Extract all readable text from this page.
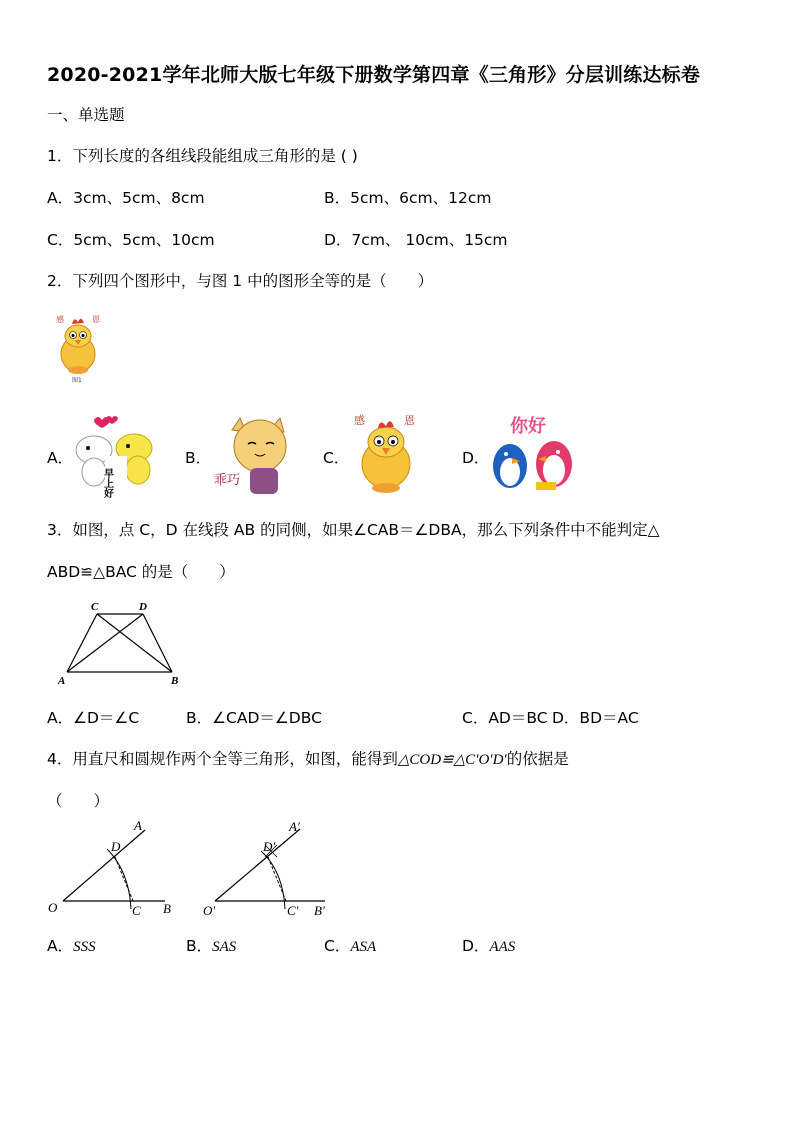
2020-2021学年北师大版七年级下册数学第四章《三角形》分层训练达标卷
一、单选题
1．下列长度的各组线段能组成三角形的是 ( )
A．3cm、5cm、8cm	B．5cm、6cm、12cm
C．5cm、5cm、10cm	D．7cm、 10cm、15cm
2．下列四个图形中，与图 1 中的图形全等的是（　　）
感	恩
图1
A．
早上好
B．
乖巧
C．
感	恩
D．
你好
3．如图，点 C，D 在线段 AB 的同侧，如果∠CAB＝∠DBA，那么下列条件中不能判定△
ABD≌△BAC 的是（　　）
A	B
C	D
A．∠D＝∠C	B．∠CAD＝∠DBC	C．AD＝BC D．BD＝AC
4．用直尺和圆规作两个全等三角形，如图，能得到△COD≌△C′O′D′的依据是
（　　）
O
A
B
C
D
O′
A′
B′
C′
D′
A．SSS	B．SAS	C．ASA	D．AAS
